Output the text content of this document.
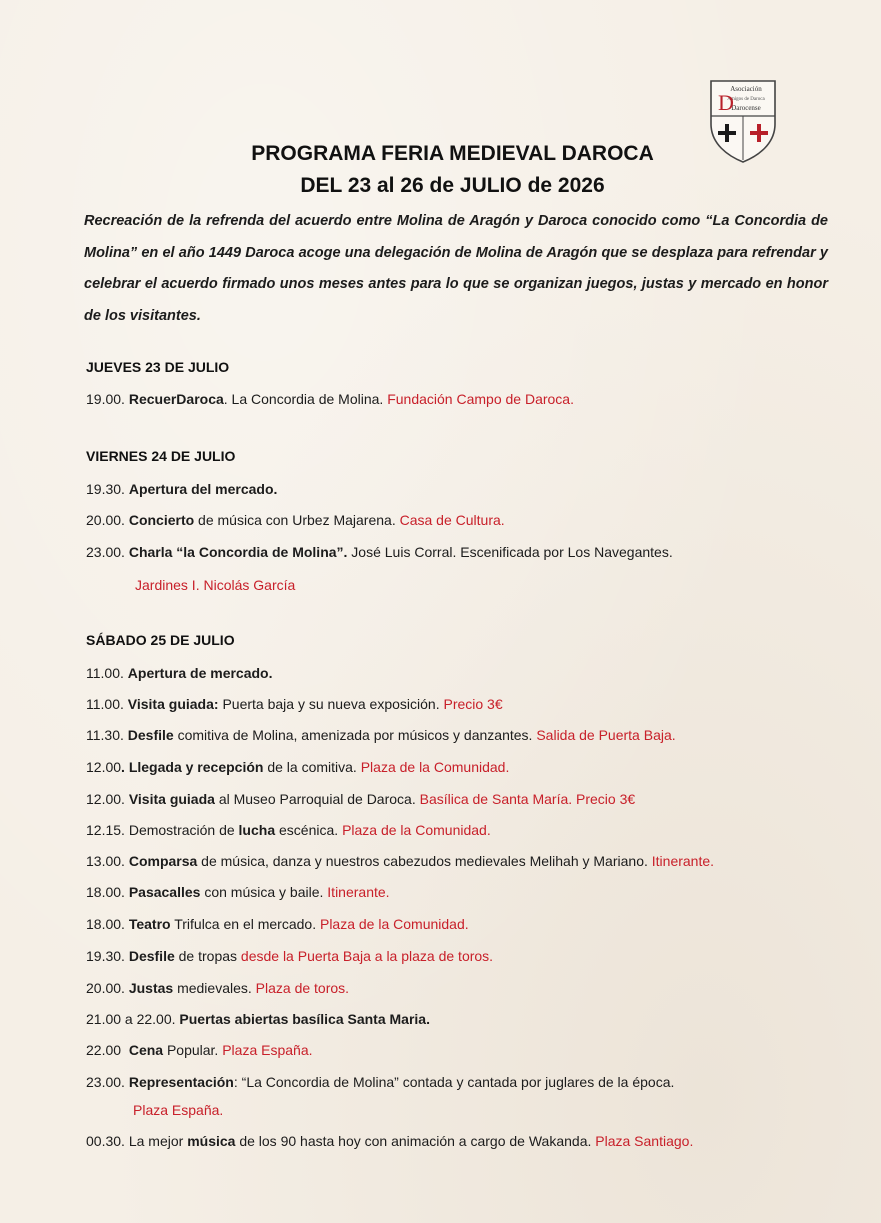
Asociación
Amigos de Daroca
Darocense
D
PROGRAMA FERIA MEDIEVAL DAROCA
DEL 23 al 26 de JULIO de 2026
Recreación de la refrenda del acuerdo entre Molina de Aragón y Daroca conocido como “La Concordia de Molina” en el año 1449 Daroca acoge una delegación de Molina de Aragón que se desplaza para refrendar y celebrar el acuerdo firmado unos meses antes para lo que se organizan juegos, justas y mercado en honor de los visitantes.
JUEVES 23 DE JULIO
VIERNES 24 DE JULIO
SÁBADO 25 DE JULIO
19.00. RecuerDaroca. La Concordia de Molina. Fundación Campo de Daroca.
19.30. Apertura del mercado.
20.00. Concierto de música con Urbez Majarena. Casa de Cultura.
23.00. Charla “la Concordia de Molina”. José Luis Corral. Escenificada por Los Navegantes.
Jardines I. Nicolás García
11.00. Apertura de mercado.
11.00. Visita guiada: Puerta baja y su nueva exposición. Precio 3€
11.30. Desfile comitiva de Molina, amenizada por músicos y danzantes. Salida de Puerta Baja.
12.00. Llegada y recepción de la comitiva. Plaza de la Comunidad.
12.00. Visita guiada al Museo Parroquial de Daroca. Basílica de Santa María. Precio 3€
12.15. Demostración de lucha escénica. Plaza de la Comunidad.
13.00. Comparsa de música, danza y nuestros cabezudos medievales Melihah y Mariano. Itinerante.
18.00. Pasacalles con música y baile. Itinerante.
18.00. Teatro Trifulca en el mercado. Plaza de la Comunidad.
19.30. Desfile de tropas desde la Puerta Baja a la plaza de toros.
20.00. Justas medievales. Plaza de toros.
21.00 a 22.00. Puertas abiertas basílica Santa Maria.
22.00  Cena Popular. Plaza España.
23.00. Representación: “La Concordia de Molina” contada y cantada por juglares de la época.
Plaza España.
00.30. La mejor música de los 90 hasta hoy con animación a cargo de Wakanda. Plaza Santiago.
